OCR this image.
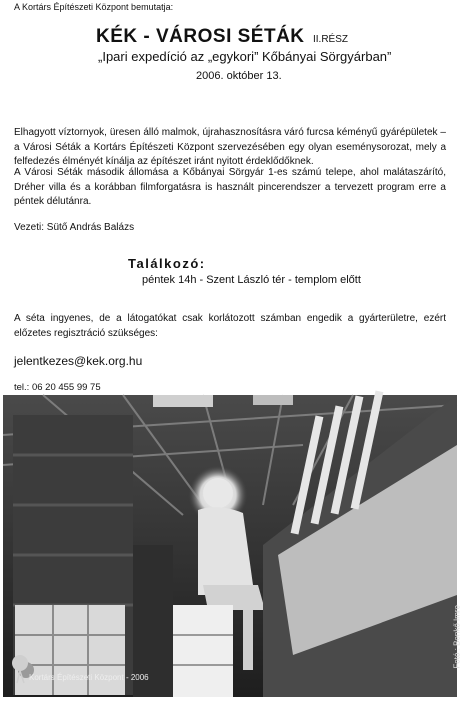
A Kortárs Építészeti Központ bemutatja:
KÉK - VÁROSI SÉTÁK II.RÉSZ
„Ipari expedíció az „egykori” Kőbányai Sörgyárban”
2006. október 13.
Elhagyott víztornyok, üresen álló malmok, újrahasznosításra váró furcsa kéményű gyárépületek – a Városi Séták a Kortárs Építészeti Központ szervezésében egy olyan eseménysorozat, mely a felfedezés élményét kínálja az építészet iránt nyitott érdeklődőknek.
A Városi Séták második állomása a Kőbányai Sörgyár 1-es számú telepe, ahol malátaszárító, Dréher villa és a korábban filmforgatásra is használt pincerendszer a tervezett program erre a péntek délutánra.
Vezeti: Sütő András Balázs
Találkozó:
péntek 14h - Szent László tér - templom előtt
A séta ingyenes, de a látogatókat csak korlátozott számban engedik a gyárterületre, ezért előzetes regisztráció szükséges:
jelentkezes@kek.org.hu
tel.: 06 20 455 99 75
Fotó : Benkő Imre
Kortárs Építészeti Központ - 2006
